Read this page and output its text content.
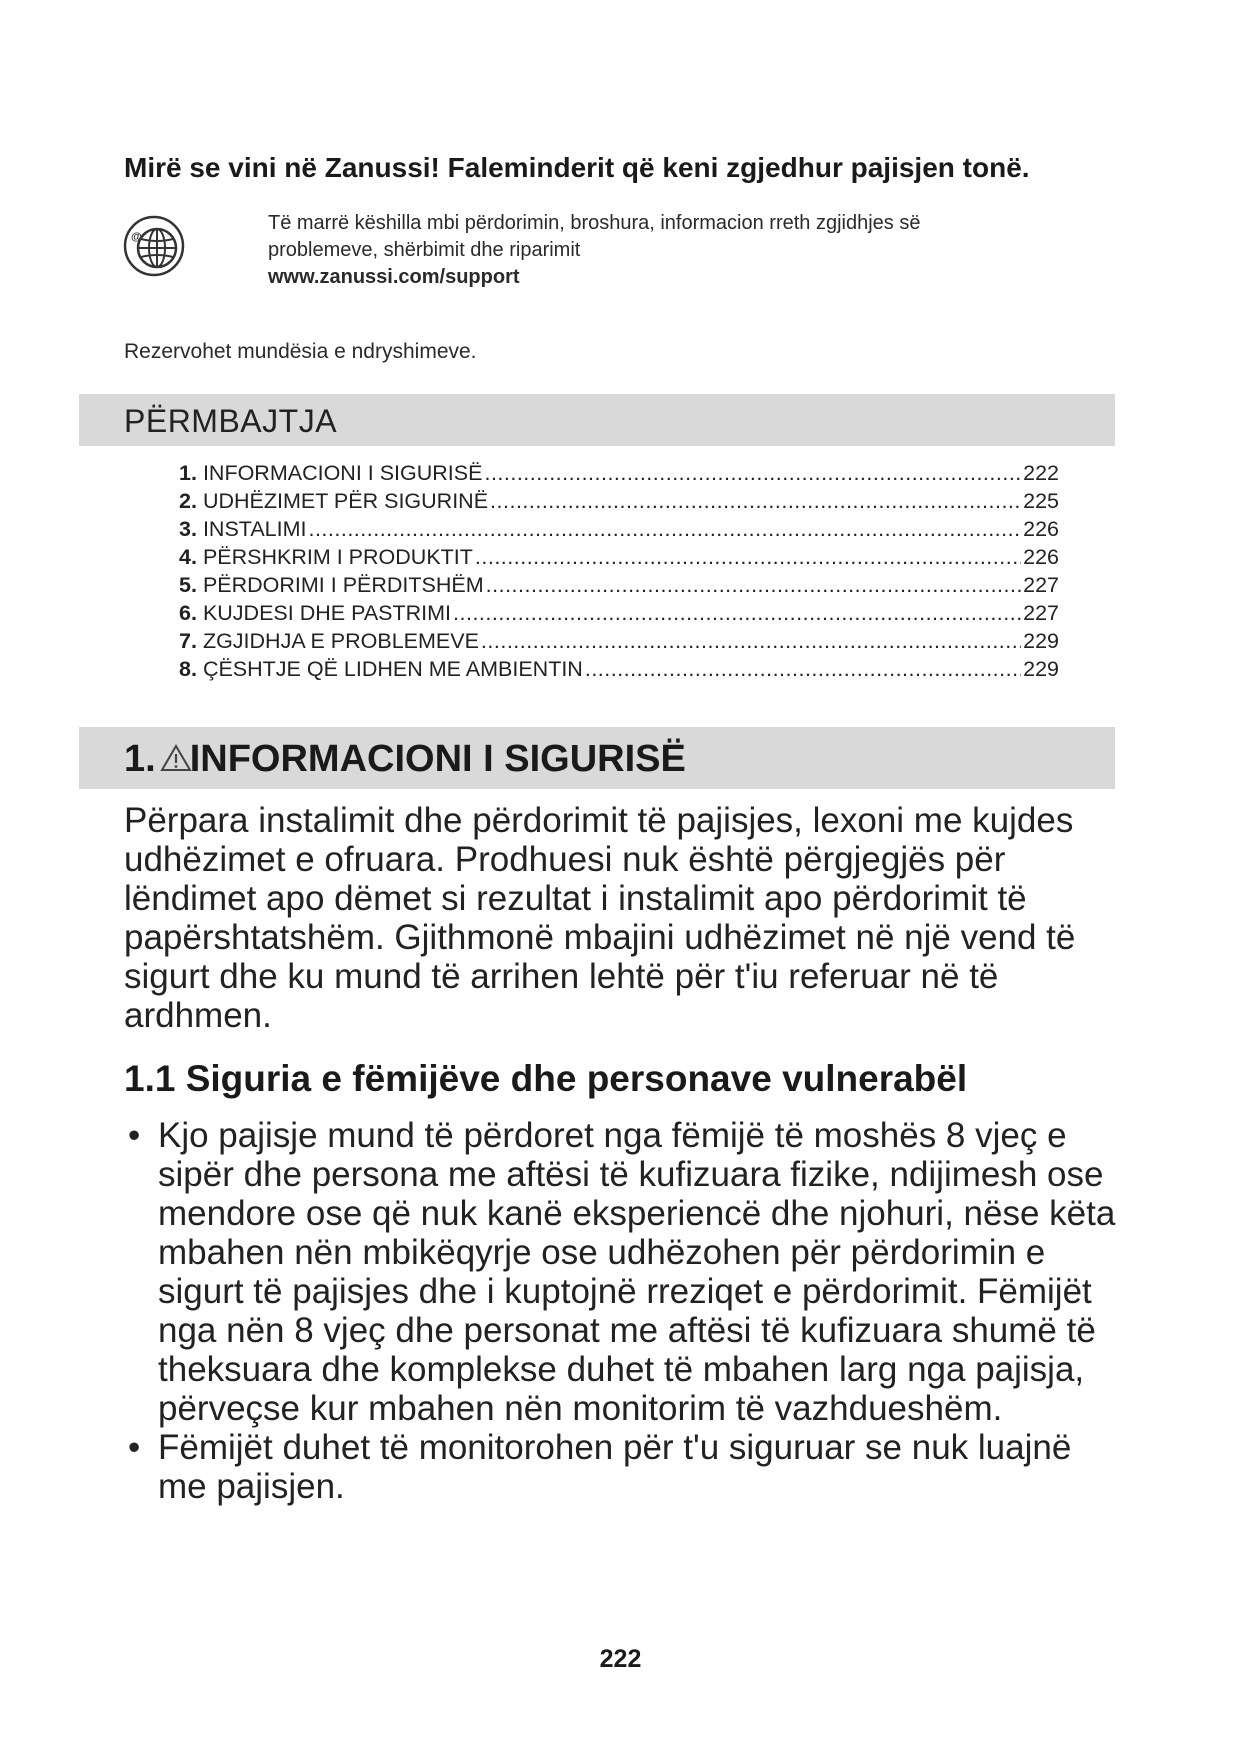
Mirë se vini në Zanussi! Faleminderit që keni zgjedhur pajisjen tonë.
@
Të marrë këshilla mbi përdorimin, broshura, informacion rreth zgjidhjes së problemeve, shërbimit dhe riparimit
www.zanussi.com/support
Rezervohet mundësia e ndryshimeve.
PËRMBAJTJA
1. INFORMACIONI I SIGURISË .....	222
2. UDHËZIMET PËR SIGURINË .....	225
3. INSTALIMI .....	226
4. PËRSHKRIM I PRODUKTIT .....	226
5. PËRDORIMI I PËRDITSHËM .....	227
6. KUJDESI DHE PASTRIMI .....	227
7. ZGJIDHJA E PROBLEMEVE .....	229
8. ÇËSHTJE QË LIDHEN ME AMBIENTIN .....	229
1. INFORMACIONI I SIGURISË

Përpara instalimit dhe përdorimit të pajisjes, lexoni me kujdes udhëzimet e ofruara. Prodhuesi nuk është përgjegjës për lëndimet apo dëmet si rezultat i instalimit apo përdorimit të papërshtatshëm. Gjithmonë mbajini udhëzimet në një vend të sigurt dhe ku mund të arrihen lehtë për t'iu referuar në të ardhmen.

1.1 Siguria e fëmijëve dhe personave vulnerabël
• Kjo pajisje mund të përdoret nga fëmijë të moshës 8 vjeç e sipër dhe persona me aftësi të kufizuara fizike, ndijimesh ose mendore ose që nuk kanë eksperiencë dhe njohuri, nëse këta mbahen nën mbikëqyrje ose udhëzohen për përdorimin e sigurt të pajisjes dhe i kuptojnë rreziqet e përdorimit. Fëmijët nga nën 8 vjeç dhe personat me aftësi të kufizuara shumë të theksuara dhe komplekse duhet të mbahen larg nga pajisja, përveçse kur mbahen nën monitorim të vazhdueshëm.
• Fëmijët duhet të monitorohen për t'u siguruar se nuk luajnë me pajisjen.
222
